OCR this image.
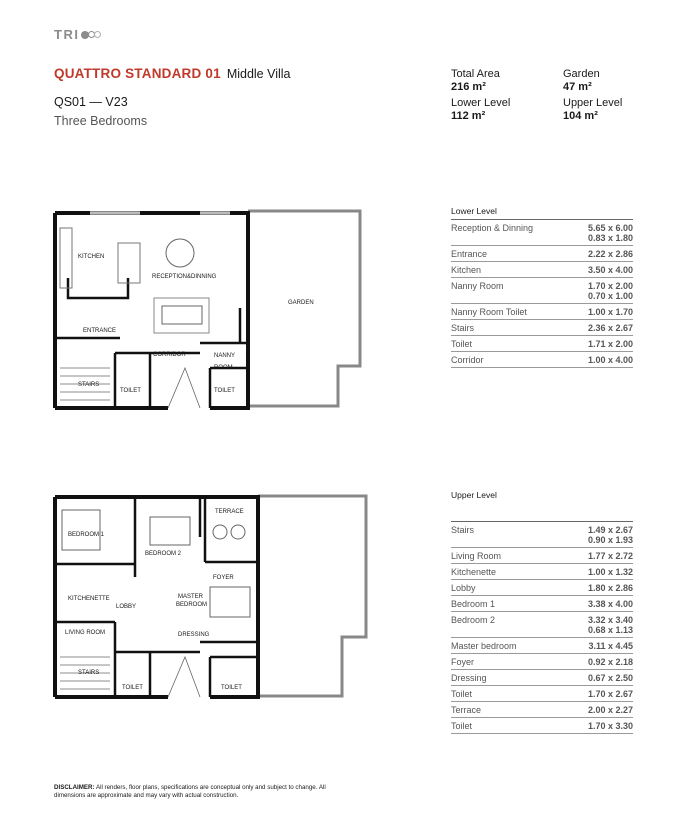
TRI
QUATTRO STANDARD 01 Middle Villa
QS01 — V23
Three Bedrooms
Total Area
216 m²
Garden
47 m²
Lower Level
112 m²
Upper Level
104 m²
KITCHEN
RECEPTION&DINNING
GARDEN
ENTRANCE
CORRIDOR	NANNY
ROOM
STAIRS
TOILET	TOILET
TERRACE
BEDROOM 1
BEDROOM 2
FOYER
MASTER
BEDROOM
KITCHENETTE
LOBBY
DRESSING
LIVING ROOM
STAIRS
TOILET	TOILET
Lower Level
Reception & Dinning	5.65 x 6.00
0.83 x 1.80
Entrance	2.22 x 2.86
Kitchen	3.50 x 4.00
Nanny Room	1.70 x 2.00
0.70 x 1.00
Nanny Room Toilet	1.00 x 1.70
Stairs	2.36 x 2.67
Toilet	1.71 x 2.00
Corridor	1.00 x 4.00
Upper Level
Stairs	1.49 x 2.67
0.90 x 1.93
Living Room	1.77 x 2.72
Kitchenette	1.00 x 1.32
Lobby	1.80 x 2.86
Bedroom 1	3.38 x 4.00
Bedroom 2	3.32 x 3.40
0.68 x 1.13
Master bedroom	3.11 x 4.45
Foyer	0.92 x 2.18
Dressing	0.67 x 2.50
Toilet	1.70 x 2.67
Terrace	2.00 x 2.27
Toilet	1.70 x 3.30
DISCLAIMER: All renders, floor plans, specifications are conceptual only and subject to change. All dimensions are approximate and may vary with actual construction.
